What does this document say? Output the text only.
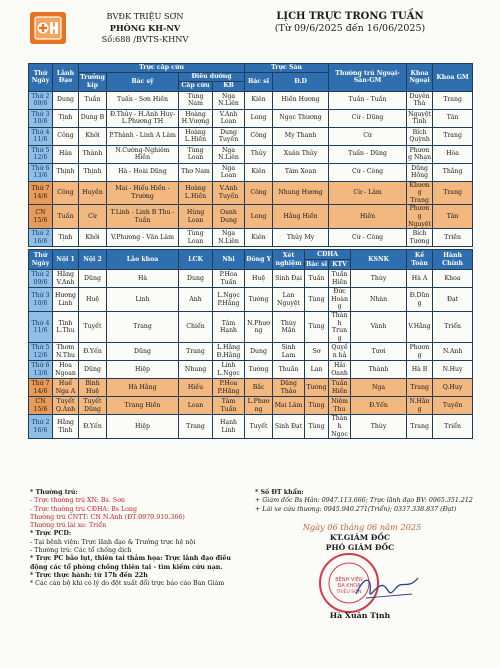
BVĐK TRIỆU SƠN
PHÒNG KH-NV
Số:688 /BVTS-KHNV
LỊCH TRỰC TRONG TUẦN
(Từ 09/6/2025 đến 16/06/2025)
Thứ Ngày	Lãnh Đạo	Trực cấp cứu				Trực Sản			Thường trú Ngoại-Sản-GM		Khoa Ngoại	Khoa GM
		Trưởng kíp	Bác sỹ	Điều dưỡng		Bác sĩ	Đ.D					
				Cấp cứu	KB							
Thứ 2 09/6	Dung	Tuấn	Tuấn - Sơn Hiền	Tùng Nam	Nga N.Liên	Kiên	Hiền Hương		Tuấn - Tuấn		Duyên Thà	Trang
Thứ 3 10/6	Tịnh	Dung B	Đ.Thủy - H.Anh Huy- L.Phương TH	Hoàng H.Vượng	V.Anh Loan	Long	Ngọc Thương		Cừ - Dũng		Nguyệt Tình	Tân
Thứ 4 11/6	Công	Khởi	P.Thành - Linh A Lâm	Hoàng L.Hiền	Dung Tuyến	Công	My Thanh		Cừ		Bích Quỳnh	Trang
Thứ 5 12/6	Hân	Thành	N.Cường-Nghiêm Hiền	Tùng Loan	Nga N.Liên	Thủy	Xuân Thủy		Tuấn - Dũng		Phương Nhạn	Hòa
Thứ 6 13/6	Thịnh	Thịnh	Hà - Hoài Dũng	Thơ Nam	Nga Loan	Kiên	Tâm Xoan		Cừ - Công		Dũng Hồng	Thắng
Thứ 7 14/6	Công	Huyền	Mai - Hiếu Hiền - Trường	Hoàng L.Hiền	V.Anh Tuyến	Công	Nhung Hương		Cừ - Lâm		Khương Trang	Trang
CN 15/6	Tuấn	Cừ	T.Linh - Linh B Thu - Tuấn	Hùng Loan	Oanh Dung	Long	Hằng Hiền		Hiền		Phương Nguyệt	Tân
Thứ 2 16/6	Tịnh	Khởi	V.Phương - Văn Lâm	Tùng Loan	Nga N.Liên	Kiên	Thủy My		Cừ - Công		Bích Tường	Triền

Thứ Ngày	Nội 1	Nội 2	Lão khoa	LCK	Nhi	Đông Y	Xét nghiệm	CĐHA		KSNK	Kế Toán	Hành Chính
								Bác sĩ	KTV			
Thứ 2 09/6	Hằng V.Anh	Dũng	Hà	Dung	P.Hoa Tuấn	Huệ	Sinh Đại	Tuấn	Tuấn Hiền	Thùy	Hà A	Khoa
Thứ 3 10/6	Hương Linh	Huệ	Linh	Anh	L.Ngọc P.Hằng	Tường	Lan Nguyệt	Tùng	Đức Hoàng	Nhàn	Đ.Dũng	Đạt
Thứ 4 11/6	Tình L.Thu	Tuyết	Trang	Chiến	Tâm Hạnh	N.Phương	Thùy Mận	Tùng	Thành Trung	Vành	V.Hằng	Triển
Thứ 5 12/6	Thơm N.Thu	Đ.Yến	Dũng	Trang	L.Hằng Đ.Hằng	Dung	Sinh Lam	Sơ	Quyền hả	Tươi	Phương	N.Anh
Thứ 6 13/6	Hoa Ngoan	Dũng	Hiệp	Nhung	Linh L.Ngọc	Tường	Thuần	Lan	Hải Oanh	Thành	Hà B	N.Huy
Thứ 7 14/6	Huế Nga A	Bình Huệ	Hà Hằng	Hiếu	P.Hoa P.Hằng	Bắc	Dũng Thảo	Tường	Tuấn Hiền	Nga	Trang	Q.Huy
CN 15/6	Tuyết Q.Anh	Tuyết Dũng	Trang Hiền	Loan	Tâm Tuấn	L.Phương	Mai Lâm	Tùng	Niệm Thu	Đ.Yến	N.Hằng	Tuyến
Thứ 2 16/6	Hằng Tình	Đ.Yến	Hiệp	Trang	Hạnh Linh	Tuyết	Sinh Đạt	Tùng	Thành Ngọc	Thùy	Trang	Triển
* Thường trú:
- Trực thường trú XN: Bs. Sơn
- Trực thường trú CĐHA: Bs Long
Thường trú CNTT: CN N.Anh (ĐT:0979.910.366)
Thường trú lái xe: Triển
* Trực PCD:
- Tại bệnh viện: Trực lãnh đạo & Trưởng trực hệ nội
- Thường trú: Các tổ chống dịch
* Trực PC bão lụt, thiên tai thảm họa: Trực lãnh đạo điều động các tổ phòng chống thiên tai - tìm kiếm cứu nạn.
* Trực thực hành: từ 17h đến 22h
* Các cán bộ khi có lý do đột xuất đổi trực báo cáo Ban Giám
* Số ĐT khẩn:
+ Giám đốc Bs Hân: 0947.113.666; Trực lãnh đạo BV: 0965.351.212
+ Lái xe cứu thương: 0945.940.271(Triển); 0337.338.837 (Đạt)
Ngày 06 tháng 06 năm 2025
KT.GIÁM ĐỐC
PHÓ GIÁM ĐỐC
BỆNH VIỆN
ĐA KHOA
TRIỆU SƠN
Hà Xuân Tịnh
